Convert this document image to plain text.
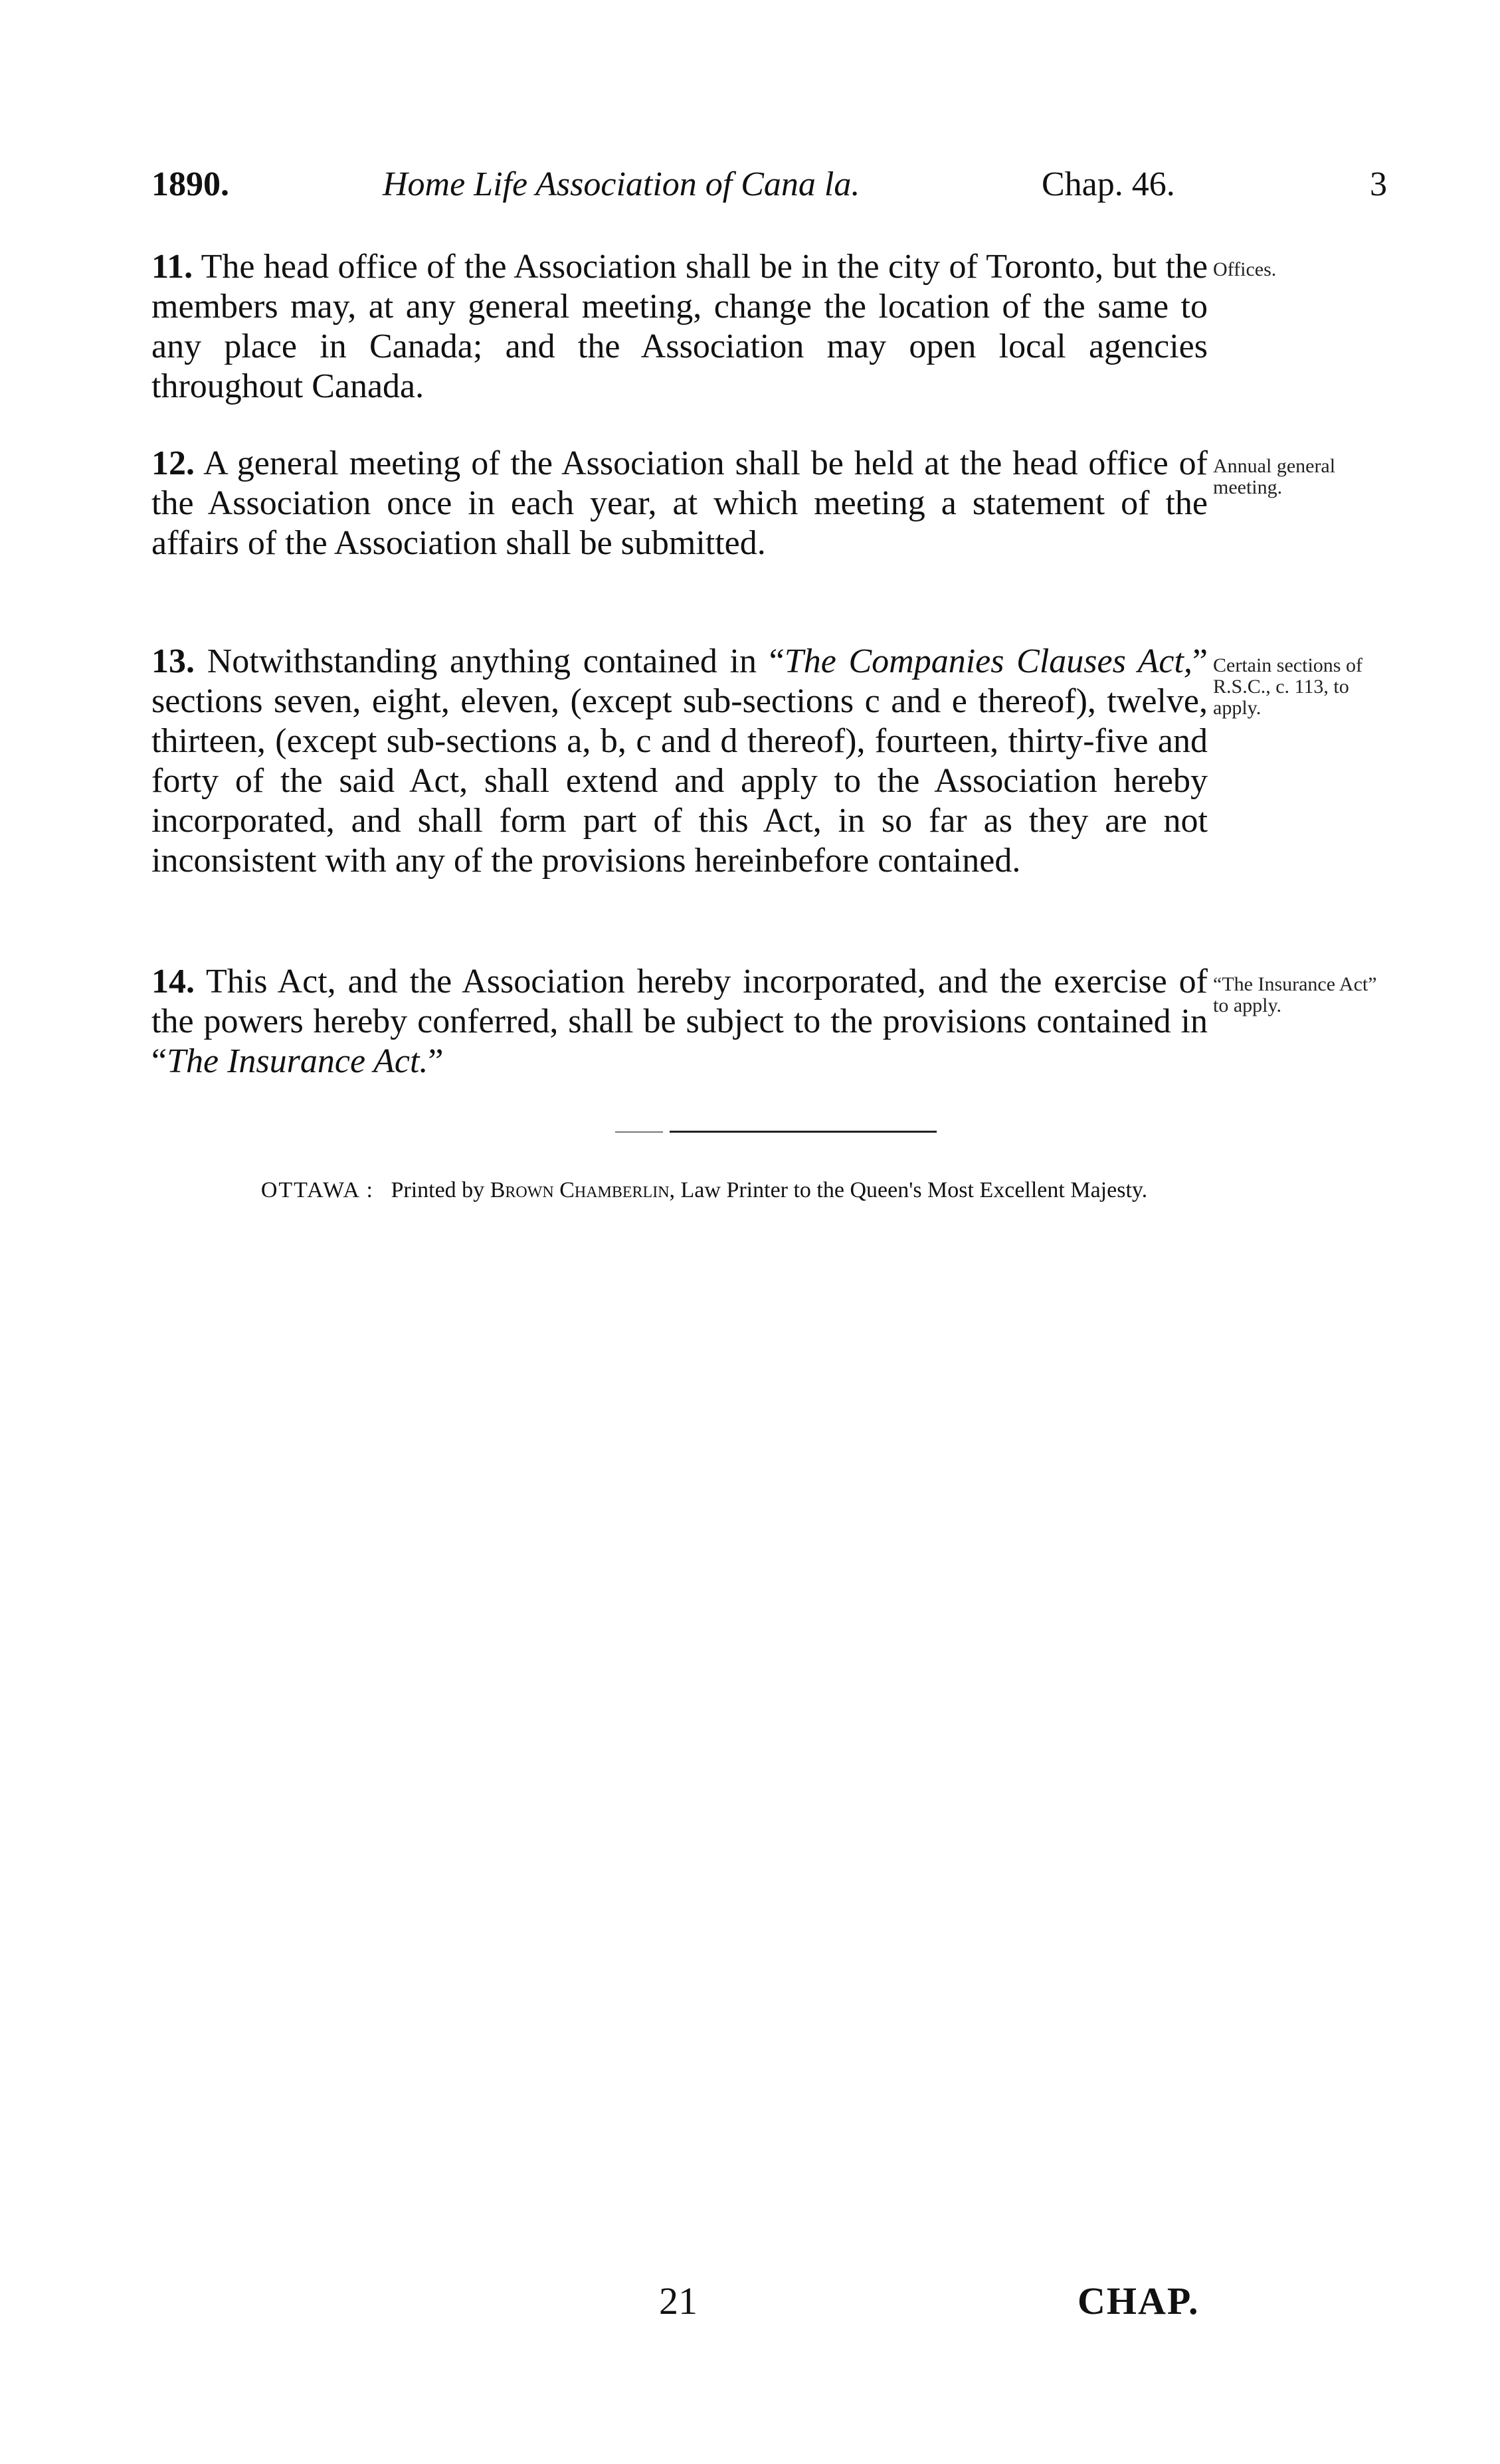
1890.	Home Life Association of Cana la.	Chap. 46.	3
11. The head office of the Association shall be in the city of Toronto, but the members may, at any general meeting, change the location of the same to any place in Canada; and the Association may open local agencies throughout Canada.
Offices.
12. A general meeting of the Association shall be held at the head office of the Association once in each year, at which meeting a statement of the affairs of the Association shall be submitted.
Annual general meeting.
13. Notwithstanding anything contained in “The Companies Clauses Act,” sections seven, eight, eleven, (except sub-sections c and e thereof), twelve, thirteen, (except sub-sections a, b, c and d thereof), fourteen, thirty-five and forty of the said Act, shall extend and apply to the Association hereby incorporated, and shall form part of this Act, in so far as they are not inconsistent with any of the provisions hereinbefore contained.
Certain sections of R.S.C., c. 113, to apply.
14. This Act, and the Association hereby incorporated, and the exercise of the powers hereby conferred, shall be subject to the provisions contained in “The Insurance Act.”
“The Insurance Act” to apply.
OTTAWA : Printed by Brown Chamberlin, Law Printer to the Queen's Most Excellent Majesty.
21	CHAP.
